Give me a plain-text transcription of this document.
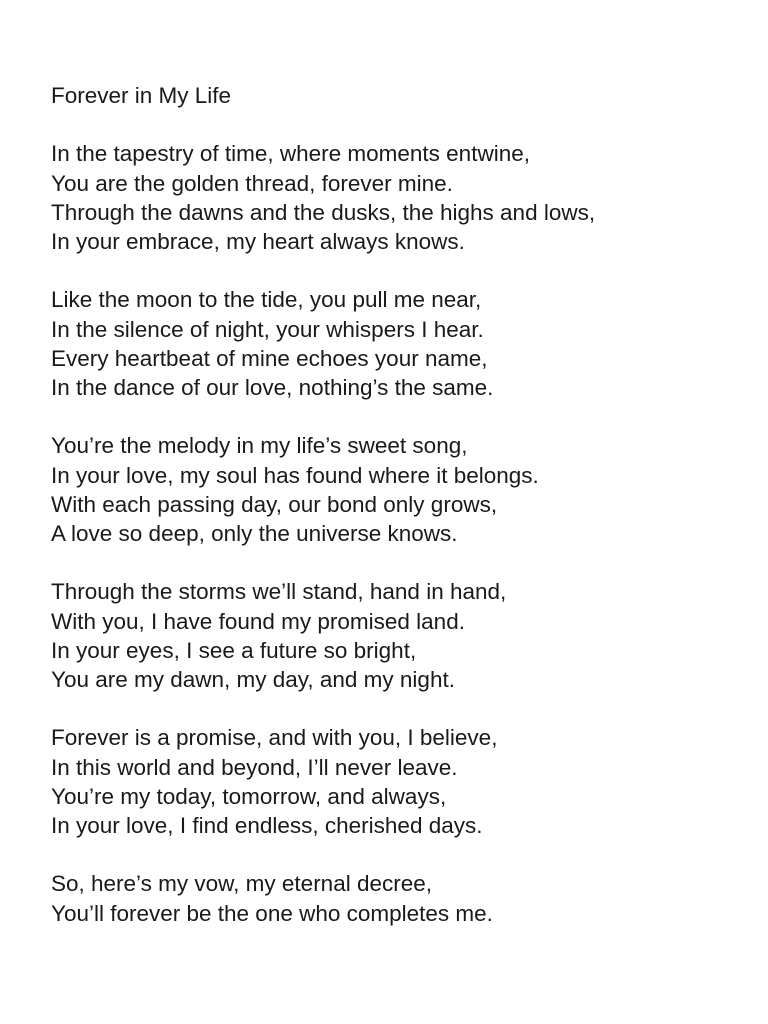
Forever in My Life
In the tapestry of time, where moments entwine,
You are the golden thread, forever mine.
Through the dawns and the dusks, the highs and lows,
In your embrace, my heart always knows.
Like the moon to the tide, you pull me near,
In the silence of night, your whispers I hear.
Every heartbeat of mine echoes your name,
In the dance of our love, nothing’s the same.
You’re the melody in my life’s sweet song,
In your love, my soul has found where it belongs.
With each passing day, our bond only grows,
A love so deep, only the universe knows.
Through the storms we’ll stand, hand in hand,
With you, I have found my promised land.
In your eyes, I see a future so bright,
You are my dawn, my day, and my night.
Forever is a promise, and with you, I believe,
In this world and beyond, I’ll never leave.
You’re my today, tomorrow, and always,
In your love, I find endless, cherished days.
So, here’s my vow, my eternal decree,
You’ll forever be the one who completes me.
